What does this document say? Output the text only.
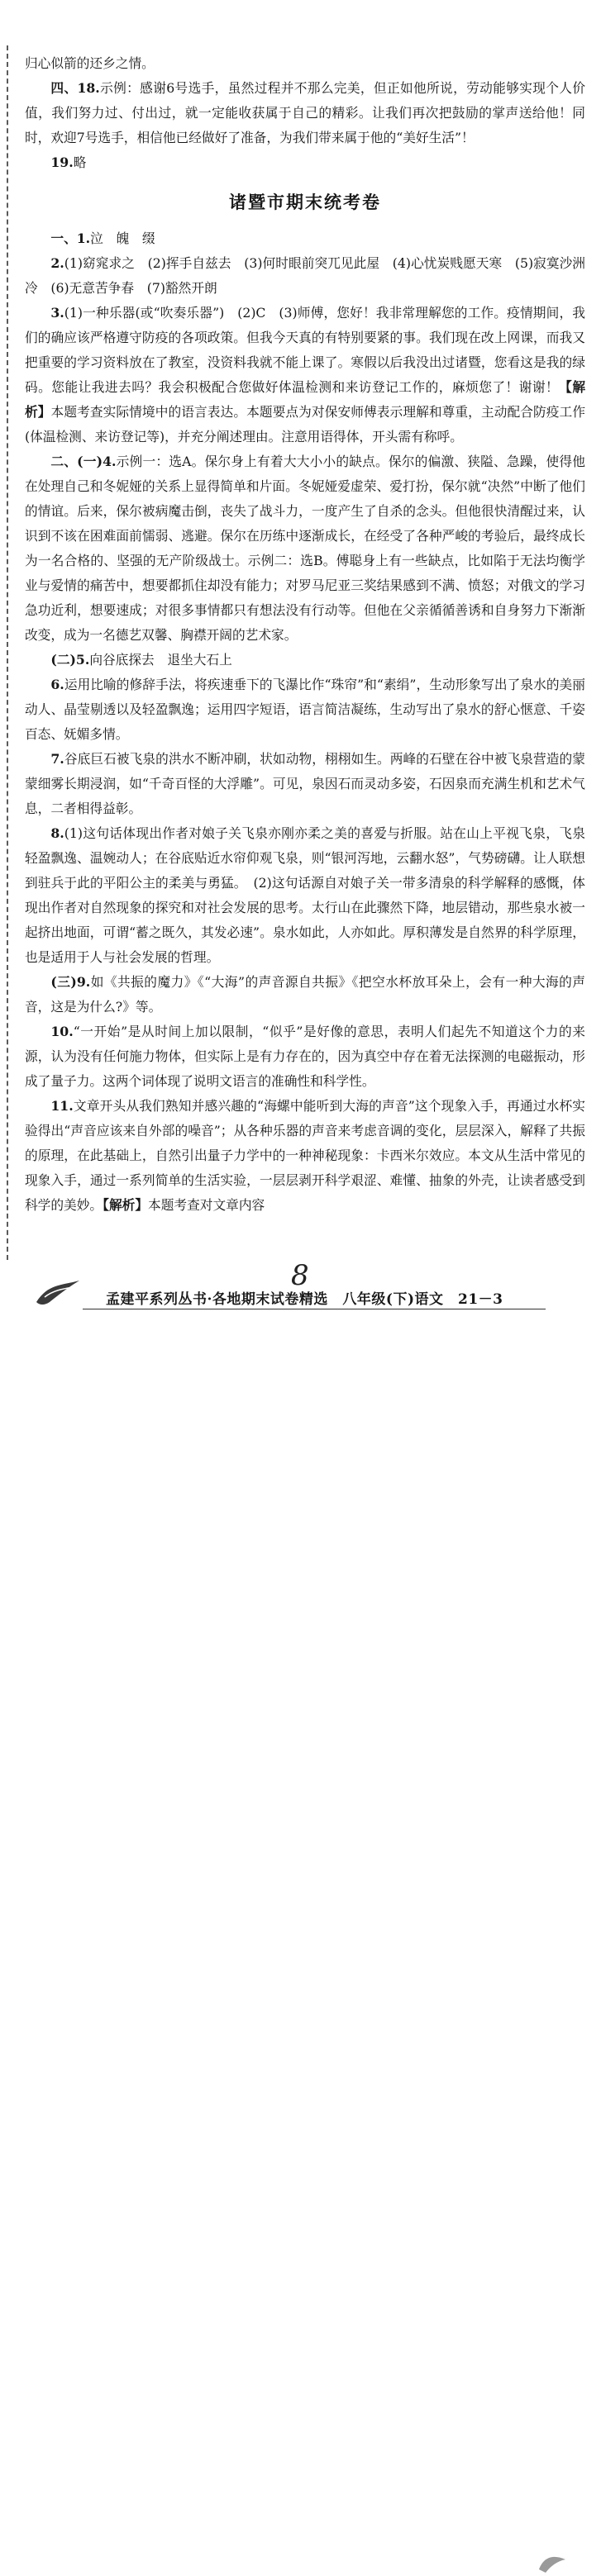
归心似箭的还乡之情。

四、18.示例：感谢6号选手，虽然过程并不那么完美，但正如他所说，劳动能够实现个人价值，我们努力过、付出过，就一定能收获属于自己的精彩。让我们再次把鼓励的掌声送给他！同时，欢迎7号选手，相信他已经做好了准备，为我们带来属于他的“美好生活”！

19.略

诸暨市期末统考卷

一、1.泣　魄　缀

2.(1)窈窕求之　(2)挥手自兹去　(3)何时眼前突兀见此屋　(4)心忧炭贱愿天寒　(5)寂寞沙洲冷　(6)无意苦争春　(7)豁然开朗

3.(1)一种乐器(或“吹奏乐器”)　(2)C　(3)师傅，您好！我非常理解您的工作。疫情期间，我们的确应该严格遵守防疫的各项政策。但我今天真的有特别要紧的事。我们现在改上网课，而我又把重要的学习资料放在了教室，没资料我就不能上课了。寒假以后我没出过诸暨，您看这是我的绿码。您能让我进去吗？我会积极配合您做好体温检测和来访登记工作的，麻烦您了！谢谢！【解析】本题考查实际情境中的语言表达。本题要点为对保安师傅表示理解和尊重，主动配合防疫工作(体温检测、来访登记等)，并充分阐述理由。注意用语得体，开头需有称呼。

二、(一)4.示例一：选A。保尔身上有着大大小小的缺点。保尔的偏激、狭隘、急躁，使得他在处理自己和冬妮娅的关系上显得简单和片面。冬妮娅爱虚荣、爱打扮，保尔就“决然”中断了他们的情谊。后来，保尔被病魔击倒，丧失了战斗力，一度产生了自杀的念头。但他很快清醒过来，认识到不该在困难面前懦弱、逃避。保尔在历练中逐渐成长，在经受了各种严峻的考验后，最终成长为一名合格的、坚强的无产阶级战士。示例二：选B。傅聪身上有一些缺点，比如陷于无法均衡学业与爱情的痛苦中，想要都抓住却没有能力；对罗马尼亚三奖结果感到不满、愤怒；对俄文的学习急功近利，想要速成；对很多事情都只有想法没有行动等。但他在父亲循循善诱和自身努力下渐渐改变，成为一名德艺双馨、胸襟开阔的艺术家。

(二)5.向谷底探去　退坐大石上

6.运用比喻的修辞手法，将疾速垂下的飞瀑比作“珠帘”和“素绢”，生动形象写出了泉水的美丽动人、晶莹剔透以及轻盈飘逸；运用四字短语，语言简洁凝练，生动写出了泉水的舒心惬意、千姿百态、妩媚多情。

7.谷底巨石被飞泉的洪水不断冲刷，状如动物，栩栩如生。两峰的石壁在谷中被飞泉营造的蒙蒙细雾长期浸润，如“千奇百怪的大浮雕”。可见，泉因石而灵动多姿，石因泉而充满生机和艺术气息，二者相得益彰。

8.(1)这句话体现出作者对娘子关飞泉亦刚亦柔之美的喜爱与折服。站在山上平视飞泉，飞泉轻盈飘逸、温婉动人；在谷底贴近水帘仰观飞泉，则“银河泻地，云翻水怒”，气势磅礴。让人联想到驻兵于此的平阳公主的柔美与勇猛。　(2)这句话源自对娘子关一带多清泉的科学解释的感慨，体现出作者对自然现象的探究和对社会发展的思考。太行山在此骤然下降，地层错动，那些泉水被一起挤出地面，可谓“蓄之既久，其发必速”。泉水如此，人亦如此。厚积薄发是自然界的科学原理，也是适用于人与社会发展的哲理。

(三)9.如《共振的魔力》《“大海”的声音源自共振》《把空水杯放耳朵上，会有一种大海的声音，这是为什么?》等。

10.“一开始”是从时间上加以限制，“似乎”是好像的意思，表明人们起先不知道这个力的来源，认为没有任何施力物体，但实际上是有力存在的，因为真空中存在着无法探测的电磁振动，形成了量子力。这两个词体现了说明文语言的准确性和科学性。

11.文章开头从我们熟知并感兴趣的“海螺中能听到大海的声音”这个现象入手，再通过水杯实验得出“声音应该来自外部的噪音”；从各种乐器的声音来考虑音调的变化，层层深入，解释了共振的原理，在此基础上，自然引出量子力学中的一种神秘现象：卡西米尔效应。本文从生活中常见的现象入手，通过一系列简单的生活实验，一层层剥开科学艰涩、难懂、抽象的外壳，让读者感受到科学的美妙。【解析】本题考查对文章内容

8
孟建平系列丛书·各地期末试卷精选　八年级(下)语文　21－3
